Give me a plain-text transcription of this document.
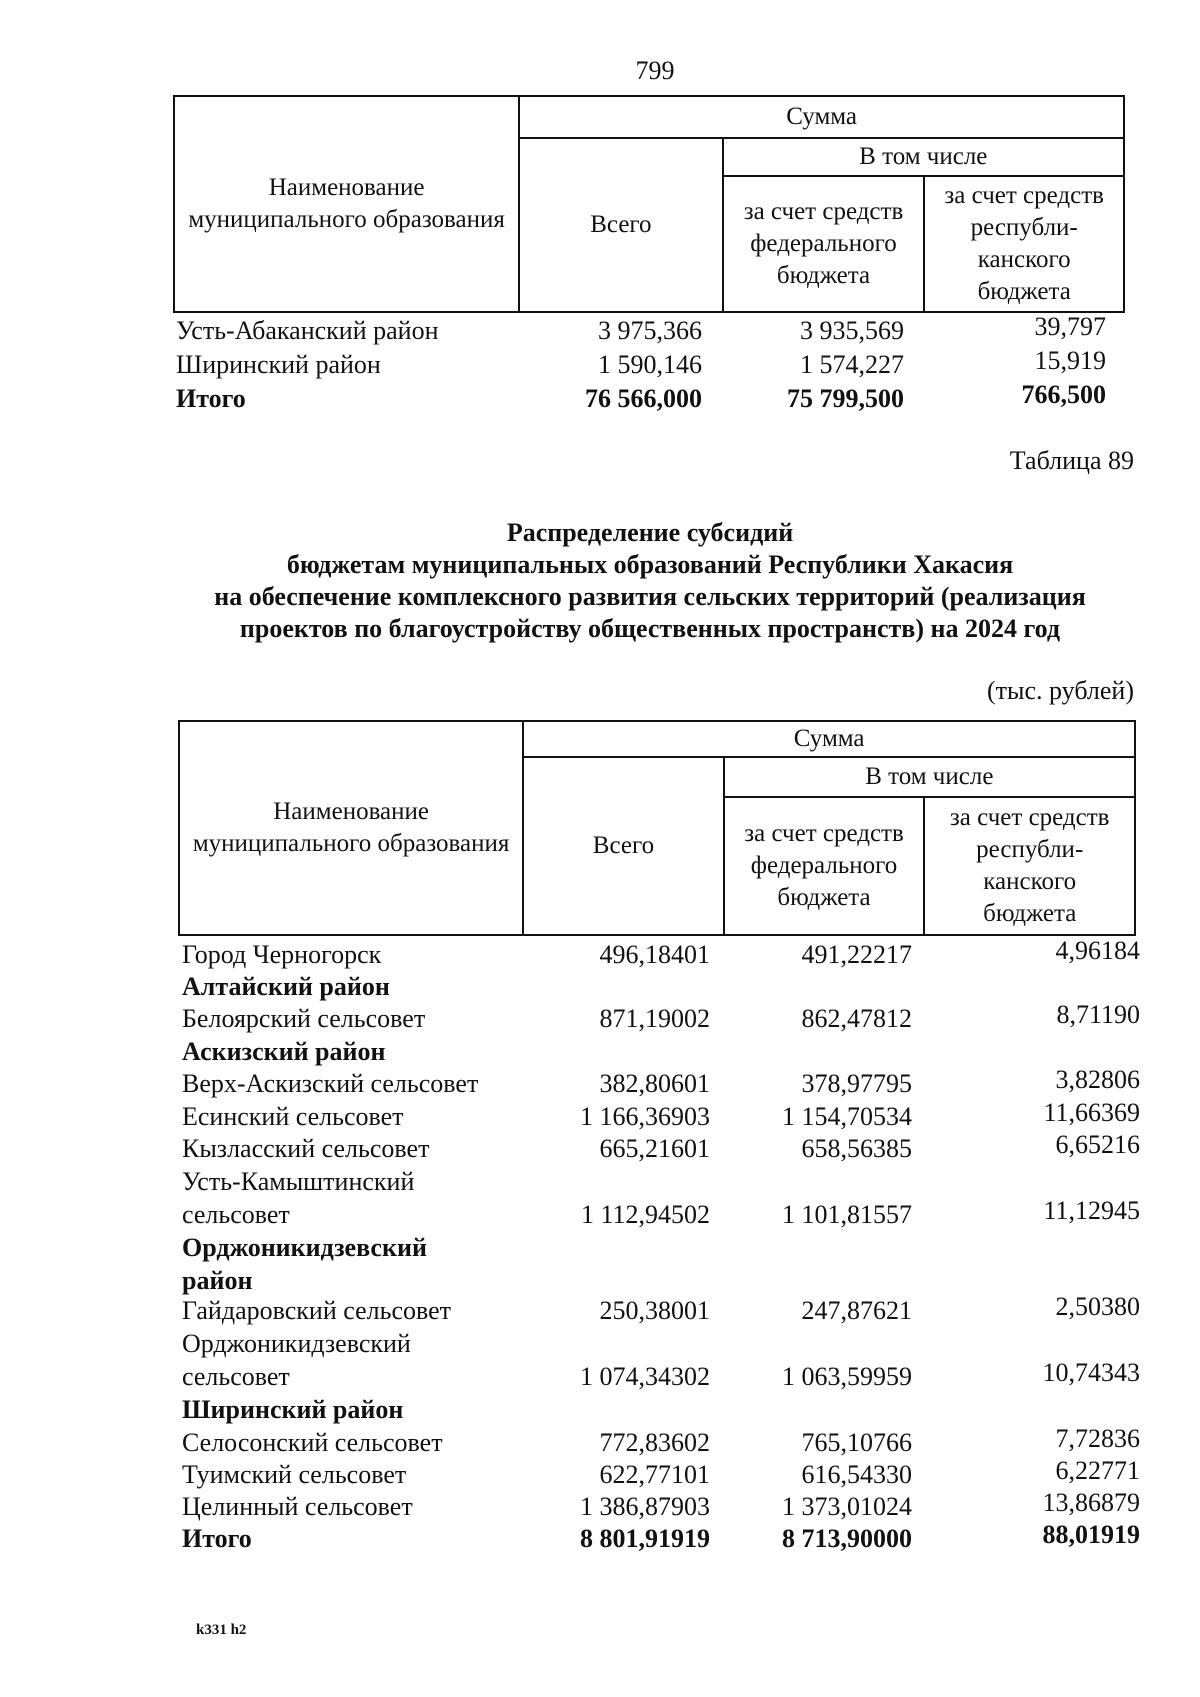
799
Наименование муниципального образования	Сумма		
	Всего	В том числе	
		за счет средств федерального бюджета	за счет средств
республи-
канского
бюджета
Усть-Абаканский район	3 975,366	3 935,569	39,797
Ширинский район	1 590,146	1 574,227	15,919
Итого	76 566,000	75 799,500	766,500
Таблица 89
Распределение субсидий
бюджетам муниципальных образований Республики Хакасия
на обеспечение комплексного развития сельских территорий (реализация
проектов по благоустройству общественных пространств) на 2024 год
(тыс. рублей)
Наименование муниципального образования	Сумма		
	Всего	В том числе	
		за счет средств федерального бюджета	за счет средств
республи-
канского
бюджета
Город Черногорск	496,18401	491,22217	4,96184
Алтайский район
Белоярский сельсовет	871,19002	862,47812	8,71190
Аскизский район
Верх-Аскизский сельсовет	382,80601	378,97795	3,82806
Есинский сельсовет	1 166,36903	1 154,70534	11,66369
Кызласский сельсовет	665,21601	658,56385	6,65216
Усть-Камыштинский
сельсовет	1 112,94502	1 101,81557	11,12945
Орджоникидзевский
район
Гайдаровский сельсовет	250,38001	247,87621	2,50380
Орджоникидзевский
сельсовет	1 074,34302	1 063,59959	10,74343
Ширинский район
Селосонский сельсовет	772,83602	765,10766	7,72836
Туимский сельсовет	622,77101	616,54330	6,22771
Целинный сельсовет	1 386,87903	1 373,01024	13,86879
Итого	8 801,91919	8 713,90000	88,01919
k331 h2
